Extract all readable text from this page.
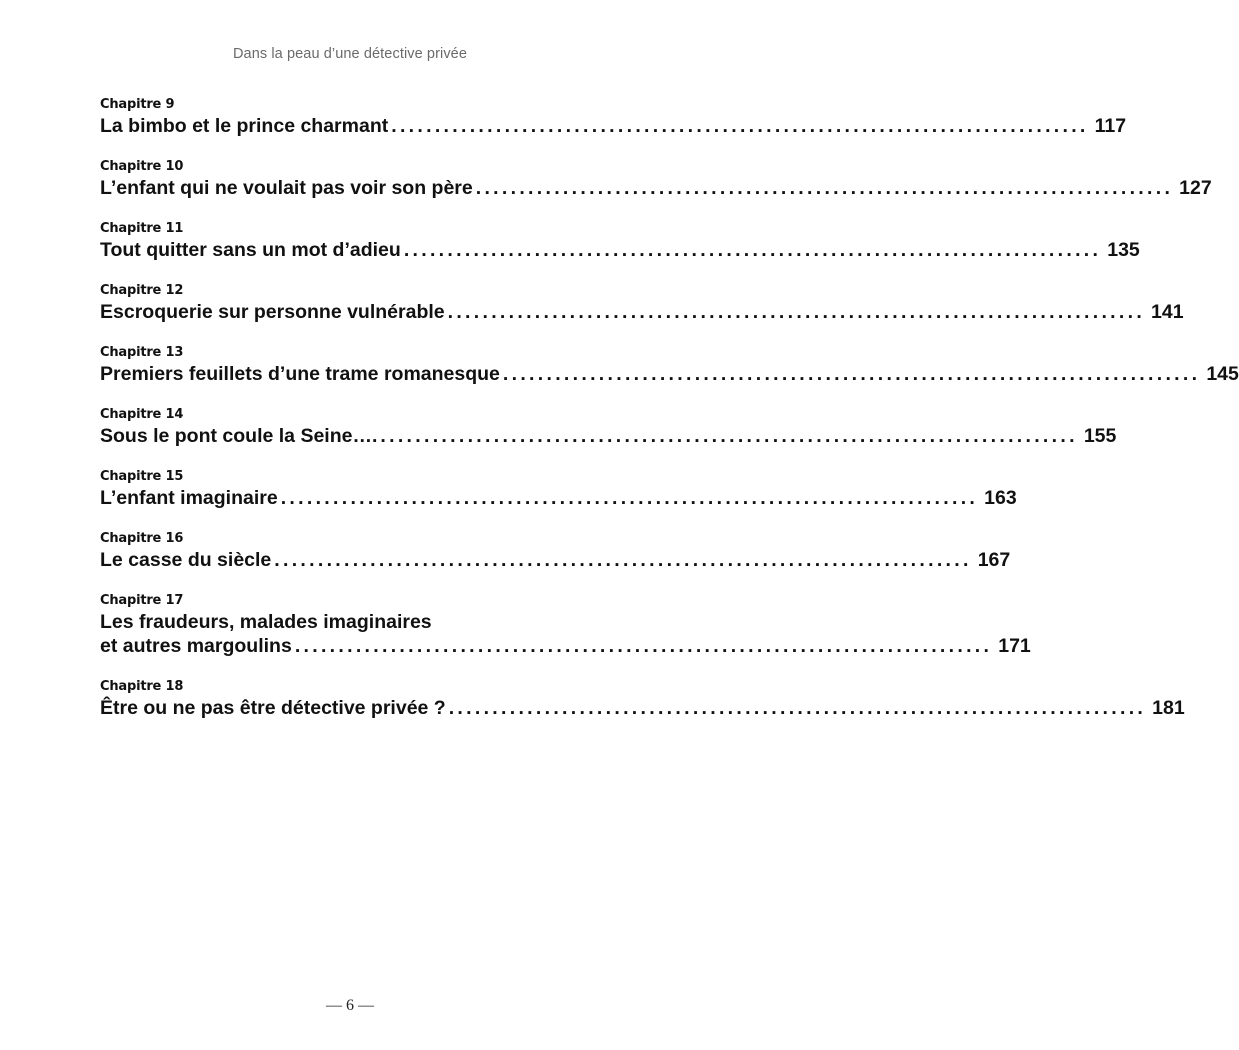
Dans la peau d’une détective privée
Chapitre 9
La bimbo et le prince charmant ................................................................................ 117
Chapitre 10
L’enfant qui ne voulait pas voir son père ................................................................................ 127
Chapitre 11
Tout quitter sans un mot d’adieu ................................................................................ 135
Chapitre 12
Escroquerie sur personne vulnérable ................................................................................ 141
Chapitre 13
Premiers feuillets d’une trame romanesque ................................................................................ 145
Chapitre 14
Sous le pont coule la Seine…. ................................................................................ 155
Chapitre 15
L’enfant imaginaire ................................................................................ 163
Chapitre 16
Le casse du siècle ................................................................................ 167
Chapitre 17
Les fraudeurs, malades imaginaires
et autres margoulins ................................................................................ 171
Chapitre 18
Être ou ne pas être détective privée ? ................................................................................ 181
— 6 —
